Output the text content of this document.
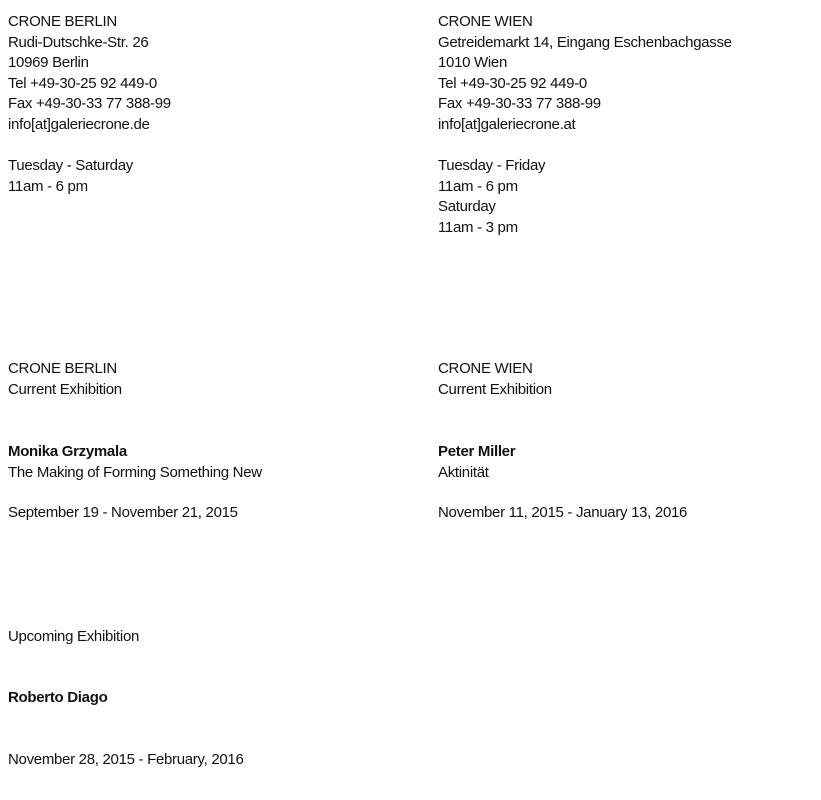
CRONE BERLIN
Rudi-Dutschke-Str. 26
10969 Berlin
Tel +49-30-25 92 449-0
Fax +49-30-33 77 388-99
info[at]galeriecrone.de
Tuesday - Saturday
11am - 6 pm
CRONE BERLIN
Current Exhibition
Monika Grzymala
The Making of Forming Something New
September 19 - November 21, 2015
Upcoming Exhibition
Roberto Diago
November 28, 2015 - February, 2016
CRONE WIEN
Getreidemarkt 14, Eingang Eschenbachgasse
1010 Wien
Tel +49-30-25 92 449-0
Fax +49-30-33 77 388-99
info[at]galeriecrone.at
Tuesday - Friday
11am - 6 pm
Saturday
11am - 3 pm
CRONE WIEN
Current Exhibition
Peter Miller
Aktinität
November 11, 2015 - January 13, 2016
